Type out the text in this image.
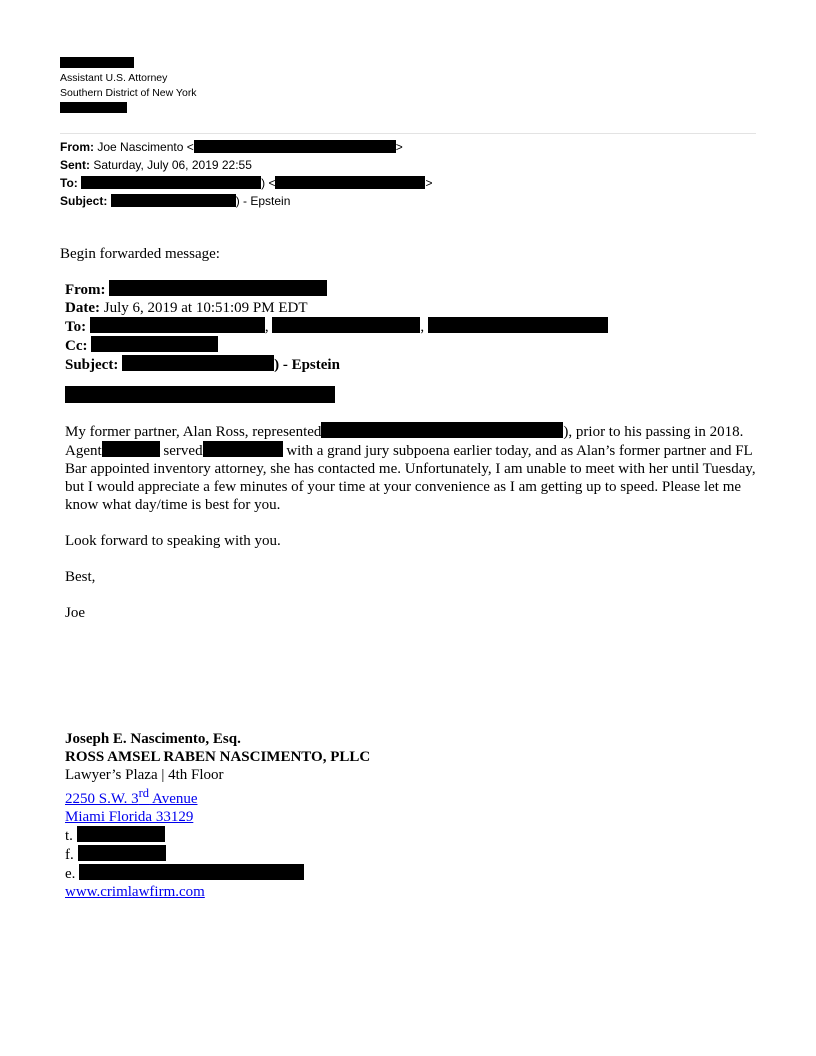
Assistant U.S. Attorney
Southern District of New York
From: Joe Nascimento <	>
Sent: Saturday, July 06, 2019 22:55
To:	) <	>
Subject:	) - Epstein
Begin forwarded message:
From:
Date: July 6, 2019 at 10:51:09 PM EDT
To:	,	,
Cc:
Subject:	) - Epstein

My former partner, Alan Ross, represented	), prior to his passing in 2018. Agent	served	with a grand jury subpoena earlier today, and as Alan’s former partner and FL Bar appointed inventory attorney, she has contacted me. Unfortunately, I am unable to meet with her until Tuesday, but I would appreciate a few minutes of your time at your convenience as I am getting up to speed. Please let me know what day/time is best for you.

Look forward to speaking with you.

Best,

Joe

Joseph E. Nascimento, Esq.
ROSS AMSEL RABEN NASCIMENTO, PLLC
Lawyer’s Plaza | 4th Floor
2250 S.W. 3rd Avenue
Miami Florida 33129
t.
f.
e.
www.crimlawfirm.com
